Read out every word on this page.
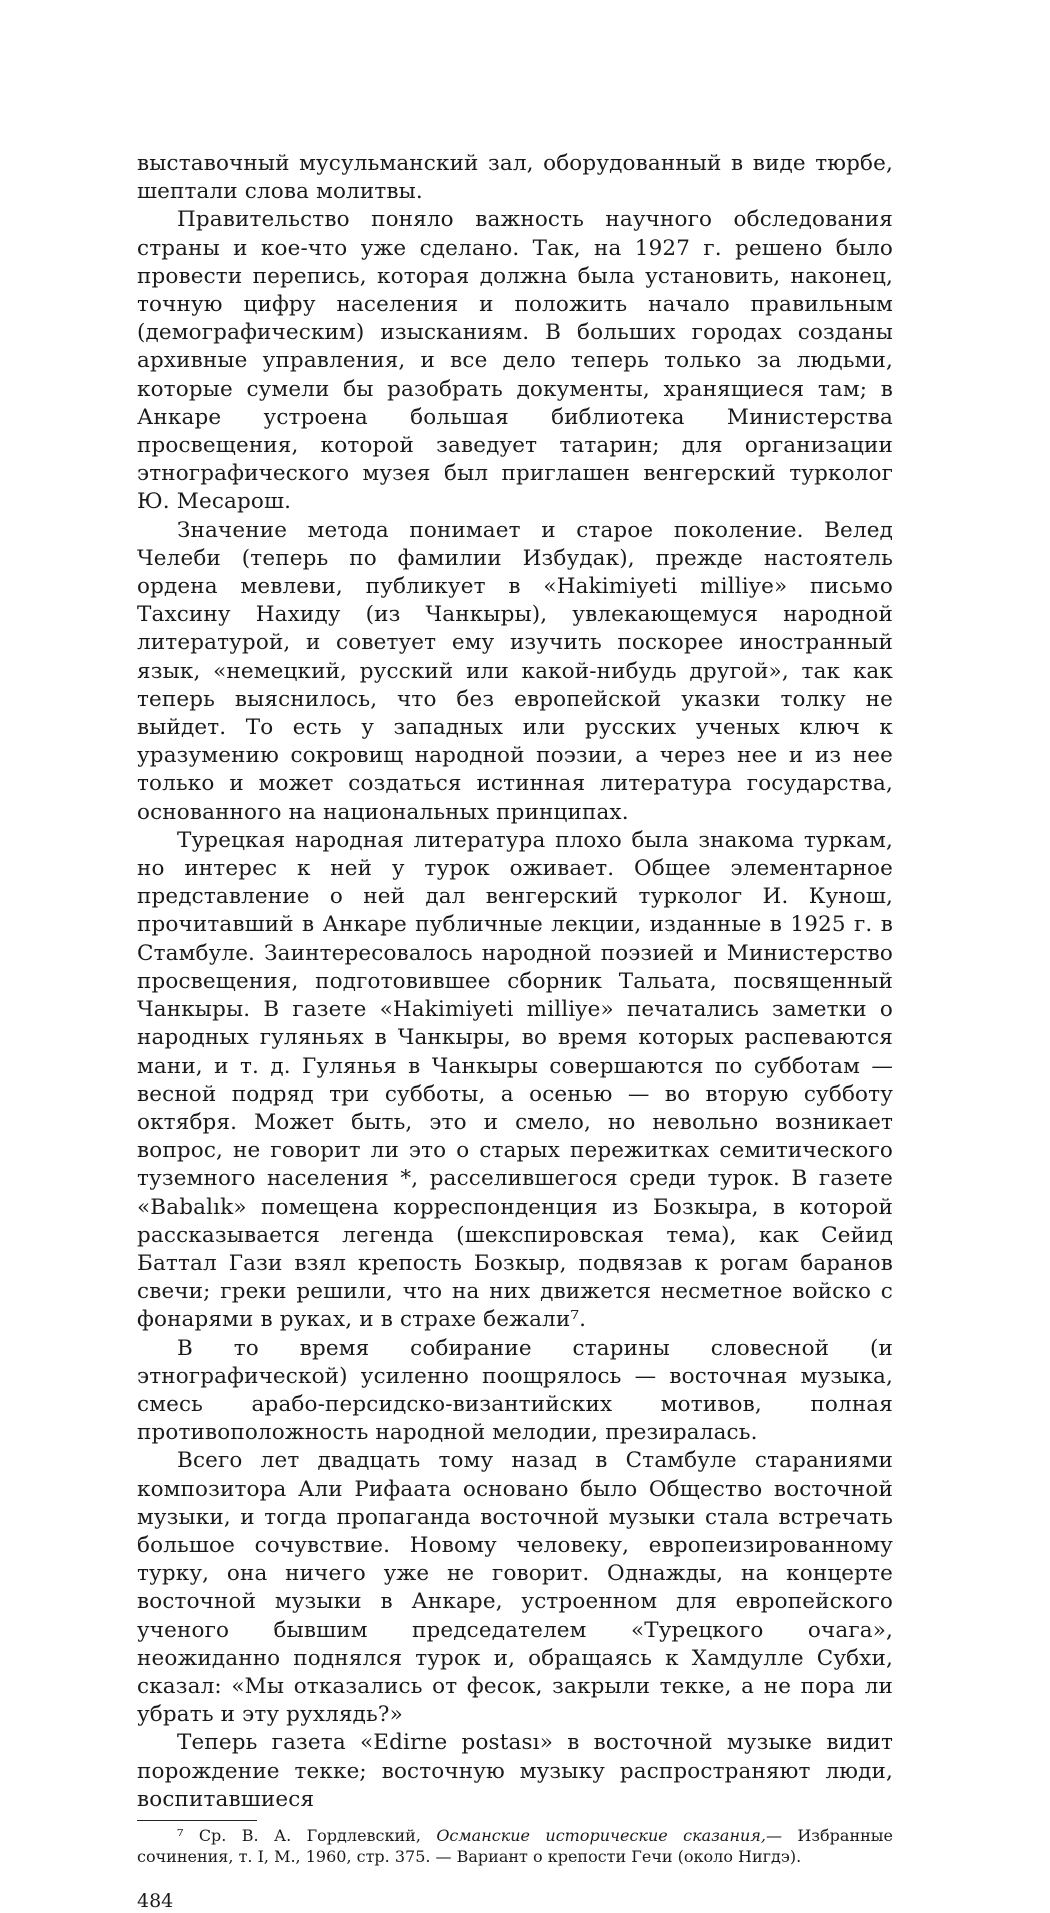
выставочный мусульманский зал, оборудованный в виде тюрбе, шептали слова молитвы.

Правительство поняло важность научного обследования страны и кое-что уже сделано. Так, на 1927 г. решено было провести перепись, которая должна была установить, наконец, точную цифру населения и положить начало правильным (демографическим) изысканиям. В больших городах созданы архивные управления, и все дело теперь только за людьми, которые сумели бы разобрать документы, хранящиеся там; в Анкаре устроена большая библиотека Министерства просвещения, которой заведует татарин; для организации этнографического музея был приглашен венгерский турколог Ю. Месарош.

Значение метода понимает и старое поколение. Велед Челеби (теперь по фамилии Избудак), прежде настоятель ордена мевлеви, публикует в «Hakimiyeti milliye» письмо Тахсину Нахиду (из Чанкыры), увлекающемуся народной литературой, и советует ему изучить поскорее иностранный язык, «немецкий, русский или какой-нибудь другой», так как теперь выяснилось, что без европейской указки толку не выйдет. То есть у западных или русских ученых ключ к уразумению сокровищ народной поэзии, а через нее и из нее только и может создаться истинная литература государства, основанного на национальных принципах.

Турецкая народная литература плохо была знакома туркам, но интерес к ней у турок оживает. Общее элементарное представление о ней дал венгерский турколог И. Кунош, прочитавший в Анкаре публичные лекции, изданные в 1925 г. в Стамбуле. Заинтересовалось народной поэзией и Министерство просвещения, подготовившее сборник Тальата, посвященный Чанкыры. В газете «Hakimiyeti milliye» печатались заметки о народных гуляньях в Чанкыры, во время которых распеваются мани, и т. д. Гулянья в Чанкыры совершаются по субботам — весной подряд три субботы, а осенью — во вторую субботу октября. Может быть, это и смело, но невольно возникает вопрос, не говорит ли это о старых пережитках семитического туземного населения *, расселившегося среди турок. В газете «Babalık» помещена корреспонденция из Бозкыра, в которой рассказывается легенда (шекспировская тема), как Сейид Баттал Гази взял крепость Бозкыр, подвязав к рогам баранов свечи; греки решили, что на них движется несметное войско с фонарями в руках, и в страхе бежали⁷.

В то время собирание старины словесной (и этнографической) усиленно поощрялось — восточная музыка, смесь арабо-персидско-византийских мотивов, полная противоположность народной мелодии, презиралась.

Всего лет двадцать тому назад в Стамбуле стараниями композитора Али Рифаата основано было Общество восточной музыки, и тогда пропаганда восточной музыки стала встречать большое сочувствие. Новому человеку, европеизированному турку, она ничего уже не говорит. Однажды, на концерте восточной музыки в Анкаре, устроенном для европейского ученого бывшим председателем «Турецкого очага», неожиданно поднялся турок и, обращаясь к Хамдулле Субхи, сказал: «Мы отказались от фесок, закрыли текке, а не пора ли убрать и эту рухлядь?»

Теперь газета «Edirne postası» в восточной музыке видит порождение текке; восточную музыку распространяют люди, воспитавшиеся

⁷ Ср. В. А. Гордлевский, Османские исторические сказания,— Избранные сочинения, т. I, М., 1960, стр. 375. — Вариант о крепости Гечи (около Нигдэ).

484
